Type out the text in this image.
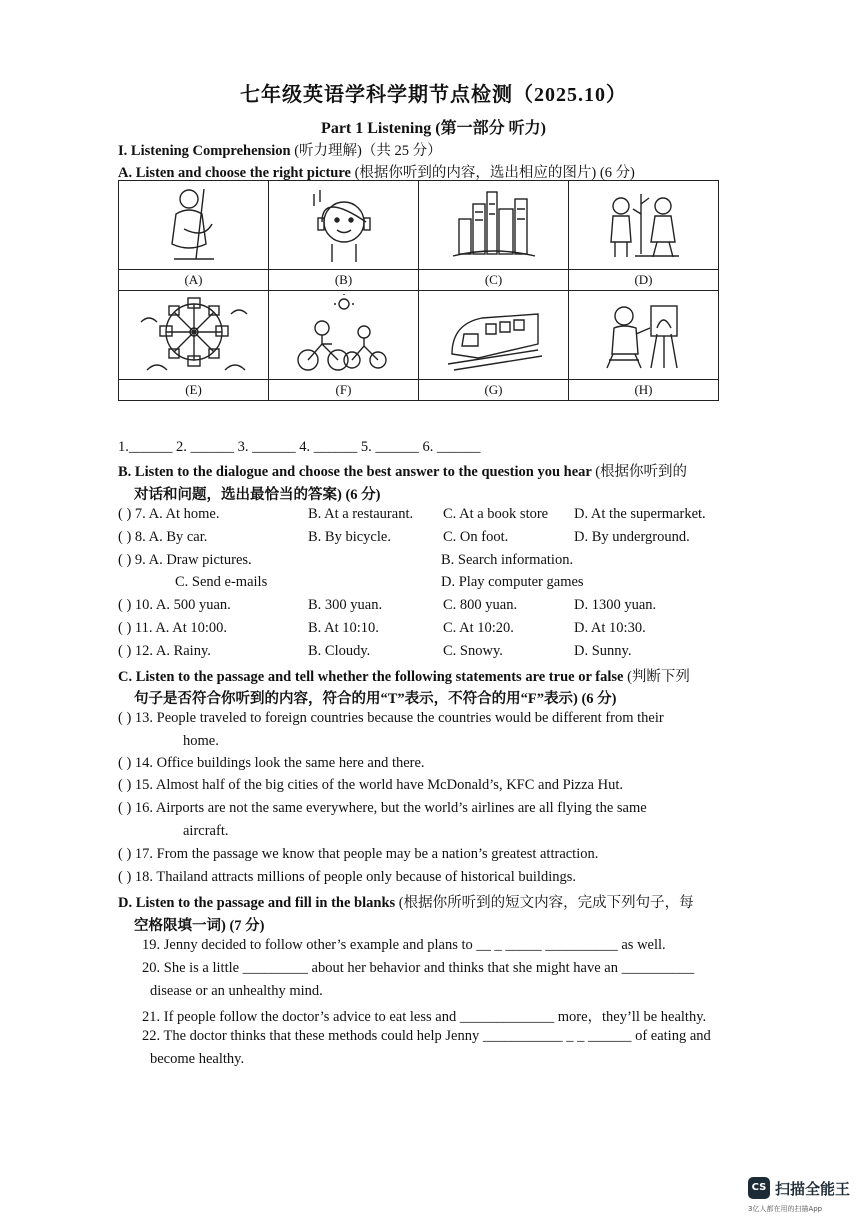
七年级英语学科学期节点检测（2025.10）
Part 1 Listening (第一部分 听力)
I. Listening Comprehension (听力理解)（共 25 分）
A. Listen and choose the right picture (根据你听到的内容，选出相应的图片) (6 分)

(A)	(B)	(C)	(D)

(E)	(F)	(G)	(H)
1.______ 2. ______ 3. ______ 4. ______ 5. ______ 6. ______
B. Listen to the dialogue and choose the best answer to the question you hear (根据你听到的
对话和问题，选出最恰当的答案) (6 分)
( ) 7. A. At home.	B. At a restaurant. C. At a book store D. At the supermarket.
( ) 8. A. By car.	B. By bicycle.	C. On foot.	D. By underground.
( ) 9. A. Draw pictures.	B. Search information.
C. Send e-mails	D. Play computer games
( ) 10. A. 500 yuan.	B. 300 yuan.	C. 800 yuan.	D. 1300 yuan.
( ) 11. A. At 10:00.	B. At 10:10.	C. At 10:20.	D. At 10:30.
( ) 12. A. Rainy.	B. Cloudy.	C. Snowy.	D. Sunny.
C. Listen to the passage and tell whether the following statements are true or false (判断下列
句子是否符合你听到的内容，符合的用“T”表示，不符合的用“F”表示) (6 分)
( ) 13. People traveled to foreign countries because the countries would be different from their
home.
( ) 14. Office buildings look the same here and there.
( ) 15. Almost half of the big cities of the world have McDonald’s, KFC and Pizza Hut.
( ) 16. Airports are not the same everywhere, but the world’s airlines are all flying the same
aircraft.
( ) 17. From the passage we know that people may be a nation’s greatest attraction.
( ) 18. Thailand attracts millions of people only because of historical buildings.
D. Listen to the passage and fill in the blanks (根据你所听到的短文内容，完成下列句子，每
空格限填一词) (7 分)
19. Jenny decided to follow other’s example and plans to __ _ _____ __________ as well.
20. She is a little _________ about her behavior and thinks that she might have an __________
disease or an unhealthy mind.
21. If people follow the doctor’s advice to eat less and _____________ more，they’ll be healthy.
22. The doctor thinks that these methods could help Jenny ___________ _ _ ______ of eating and
become healthy.
CS 扫描全能王
3亿人都在用的扫描App
